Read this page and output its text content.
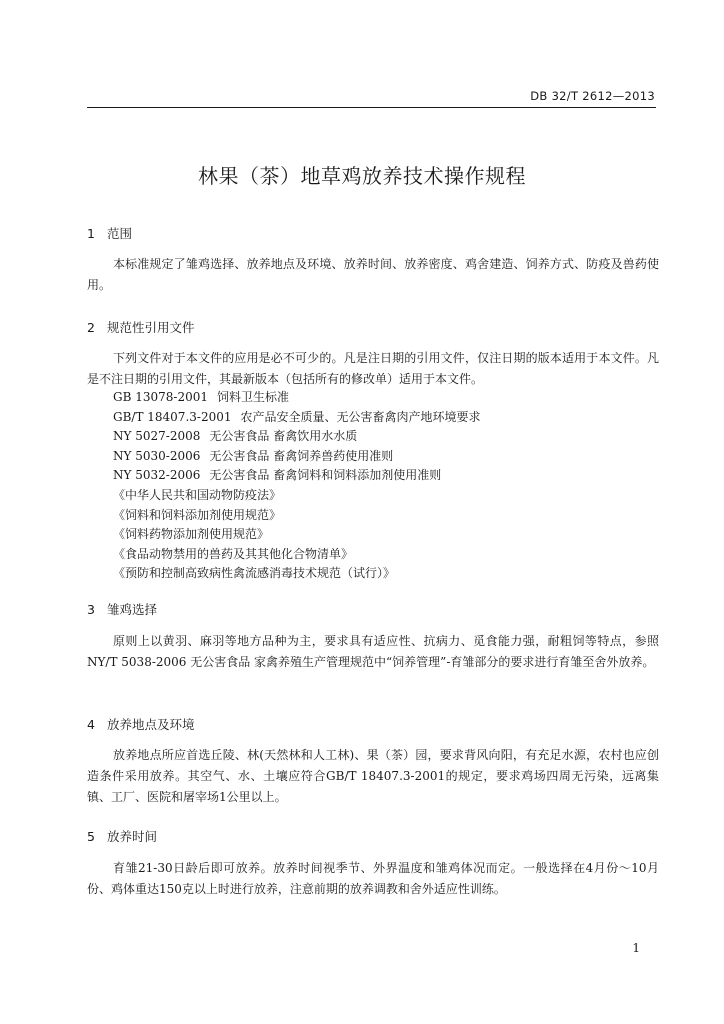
DB 32/T 2612—2013
林果（茶）地草鸡放养技术操作规程
1 范围

本标准规定了雏鸡选择、放养地点及环境、放养时间、放养密度、鸡舍建造、饲养方式、防疫及兽药使用。

2 规范性引用文件

下列文件对于本文件的应用是必不可少的。凡是注日期的引用文件，仅注日期的版本适用于本文件。凡是不注日期的引用文件，其最新版本（包括所有的修改单）适用于本文件。

GB 13078-2001 饲料卫生标准
GB/T 18407.3-2001 农产品安全质量、无公害畜禽肉产地环境要求
NY 5027-2008 无公害食品 畜禽饮用水水质
NY 5030-2006 无公害食品 畜禽饲养兽药使用准则
NY 5032-2006 无公害食品 畜禽饲料和饲料添加剂使用准则
《中华人民共和国动物防疫法》
《饲料和饲料添加剂使用规范》
《饲料药物添加剂使用规范》
《食品动物禁用的兽药及其其他化合物清单》
《预防和控制高致病性禽流感消毒技术规范（试行）》
3 雏鸡选择

原则上以黄羽、麻羽等地方品种为主，要求具有适应性、抗病力、觅食能力强，耐粗饲等特点，参照NY/T 5038-2006 无公害食品 家禽养殖生产管理规范中“饲养管理”-育雏部分的要求进行育雏至舍外放养。

4 放养地点及环境

放养地点所应首选丘陵、林(天然林和人工林)、果（茶）园，要求背风向阳，有充足水源，农村也应创造条件采用放养。其空气、水、土壤应符合GB/T 18407.3-2001的规定，要求鸡场四周无污染，远离集镇、工厂、医院和屠宰场1公里以上。

5 放养时间

育雏21-30日龄后即可放养。放养时间视季节、外界温度和雏鸡体况而定。一般选择在4月份～10月份、鸡体重达150克以上时进行放养，注意前期的放养调教和舍外适应性训练。

1
